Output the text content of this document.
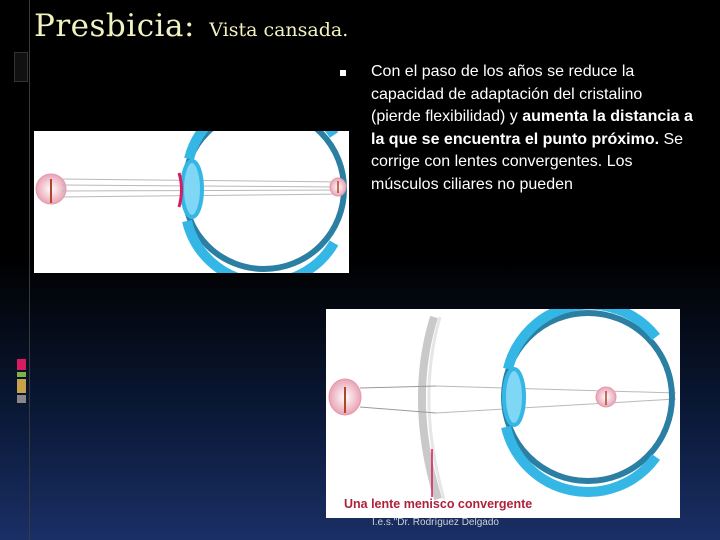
Presbicia: Vista cansada.
Con el paso de los años se reduce la capacidad de adaptación del cristalino (pierde flexibilidad) y aumenta la distancia a la que se encuentra el punto próximo. Se corrige con lentes convergentes. Los músculos ciliares no pueden
Una lente menisco convergente
I.e.s."Dr. Rodríguez Delgado
